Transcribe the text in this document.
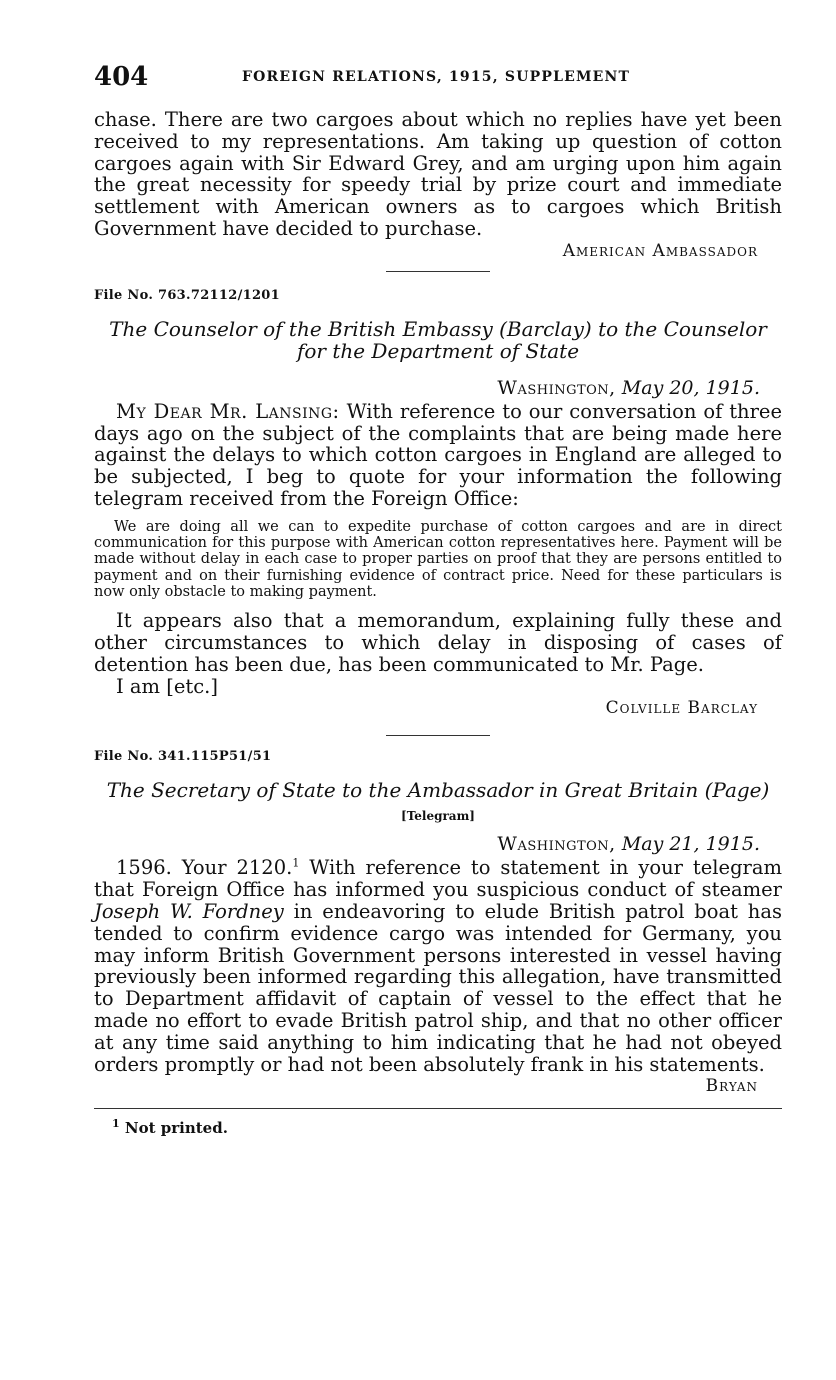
404	FOREIGN RELATIONS, 1915, SUPPLEMENT

chase. There are two cargoes about which no replies have yet been received to my representations. Am taking up question of cotton cargoes again with Sir Edward Grey, and am urging upon him again the great necessity for speedy trial by prize court and immediate settlement with American owners as to cargoes which British Government have decided to purchase.

American Ambassador

File No. 763.72112/1201

The Counselor of the British Embassy (Barclay) to the Counselor for the Department of State

Washington, May 20, 1915.

My Dear Mr. Lansing: With reference to our conversation of three days ago on the subject of the complaints that are being made here against the delays to which cotton cargoes in England are alleged to be subjected, I beg to quote for your information the following telegram received from the Foreign Office:

We are doing all we can to expedite purchase of cotton cargoes and are in direct communication for this purpose with American cotton representatives here. Payment will be made without delay in each case to proper parties on proof that they are persons entitled to payment and on their furnishing evidence of contract price. Need for these particulars is now only obstacle to making payment.

It appears also that a memorandum, explaining fully these and other circumstances to which delay in disposing of cases of detention has been due, has been communicated to Mr. Page.

I am [etc.]

Colville Barclay

File No. 341.115P51/51

The Secretary of State to the Ambassador in Great Britain (Page)

[Telegram]

Washington, May 21, 1915.

1596. Your 2120.$^1$ With reference to statement in your telegram that Foreign Office has informed you suspicious conduct of steamer Joseph W. Fordney in endeavoring to elude British patrol boat has tended to confirm evidence cargo was intended for Germany, you may inform British Government persons interested in vessel having previously been informed regarding this allegation, have transmitted to Department affidavit of captain of vessel to the effect that he made no effort to evade British patrol ship, and that no other officer at any time said anything to him indicating that he had not obeyed orders promptly or had not been absolutely frank in his statements.

Bryan

$^1$ Not printed.
